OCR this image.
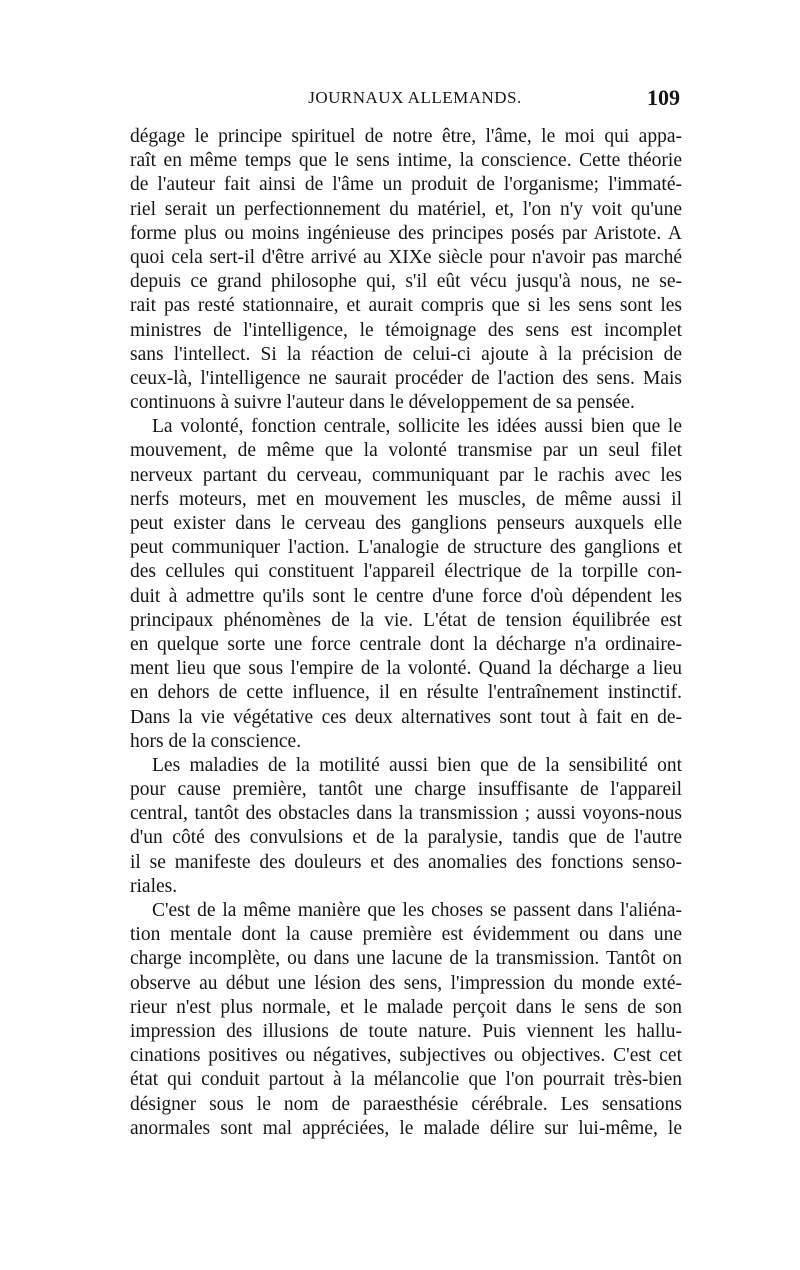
JOURNAUX ALLEMANDS.	109
dégage le principe spirituel de notre être, l'âme, le moi qui appa-
raît en même temps que le sens intime, la conscience. Cette théorie
de l'auteur fait ainsi de l'âme un produit de l'organisme; l'immaté-
riel serait un perfectionnement du matériel, et, l'on n'y voit qu'une
forme plus ou moins ingénieuse des principes posés par Aristote. A
quoi cela sert-il d'être arrivé au XIXe siècle pour n'avoir pas marché
depuis ce grand philosophe qui, s'il eût vécu jusqu'à nous, ne se-
rait pas resté stationnaire, et aurait compris que si les sens sont les
ministres de l'intelligence, le témoignage des sens est incomplet
sans l'intellect. Si la réaction de celui-ci ajoute à la précision de
ceux-là, l'intelligence ne saurait procéder de l'action des sens. Mais
continuons à suivre l'auteur dans le développement de sa pensée.
La volonté, fonction centrale, sollicite les idées aussi bien que le
mouvement, de même que la volonté transmise par un seul filet
nerveux partant du cerveau, communiquant par le rachis avec les
nerfs moteurs, met en mouvement les muscles, de même aussi il
peut exister dans le cerveau des ganglions penseurs auxquels elle
peut communiquer l'action. L'analogie de structure des ganglions et
des cellules qui constituent l'appareil électrique de la torpille con-
duit à admettre qu'ils sont le centre d'une force d'où dépendent les
principaux phénomènes de la vie. L'état de tension équilibrée est
en quelque sorte une force centrale dont la décharge n'a ordinaire-
ment lieu que sous l'empire de la volonté. Quand la décharge a lieu
en dehors de cette influence, il en résulte l'entraînement instinctif.
Dans la vie végétative ces deux alternatives sont tout à fait en de-
hors de la conscience.
Les maladies de la motilité aussi bien que de la sensibilité ont
pour cause première, tantôt une charge insuffisante de l'appareil
central, tantôt des obstacles dans la transmission ; aussi voyons-nous
d'un côté des convulsions et de la paralysie, tandis que de l'autre
il se manifeste des douleurs et des anomalies des fonctions senso-
riales.
C'est de la même manière que les choses se passent dans l'aliéna-
tion mentale dont la cause première est évidemment ou dans une
charge incomplète, ou dans une lacune de la transmission. Tantôt on
observe au début une lésion des sens, l'impression du monde exté-
rieur n'est plus normale, et le malade perçoit dans le sens de son
impression des illusions de toute nature. Puis viennent les hallu-
cinations positives ou négatives, subjectives ou objectives. C'est cet
état qui conduit partout à la mélancolie que l'on pourrait très-bien
désigner sous le nom de paraesthésie cérébrale. Les sensations
anormales sont mal appréciées, le malade délire sur lui-même, le
